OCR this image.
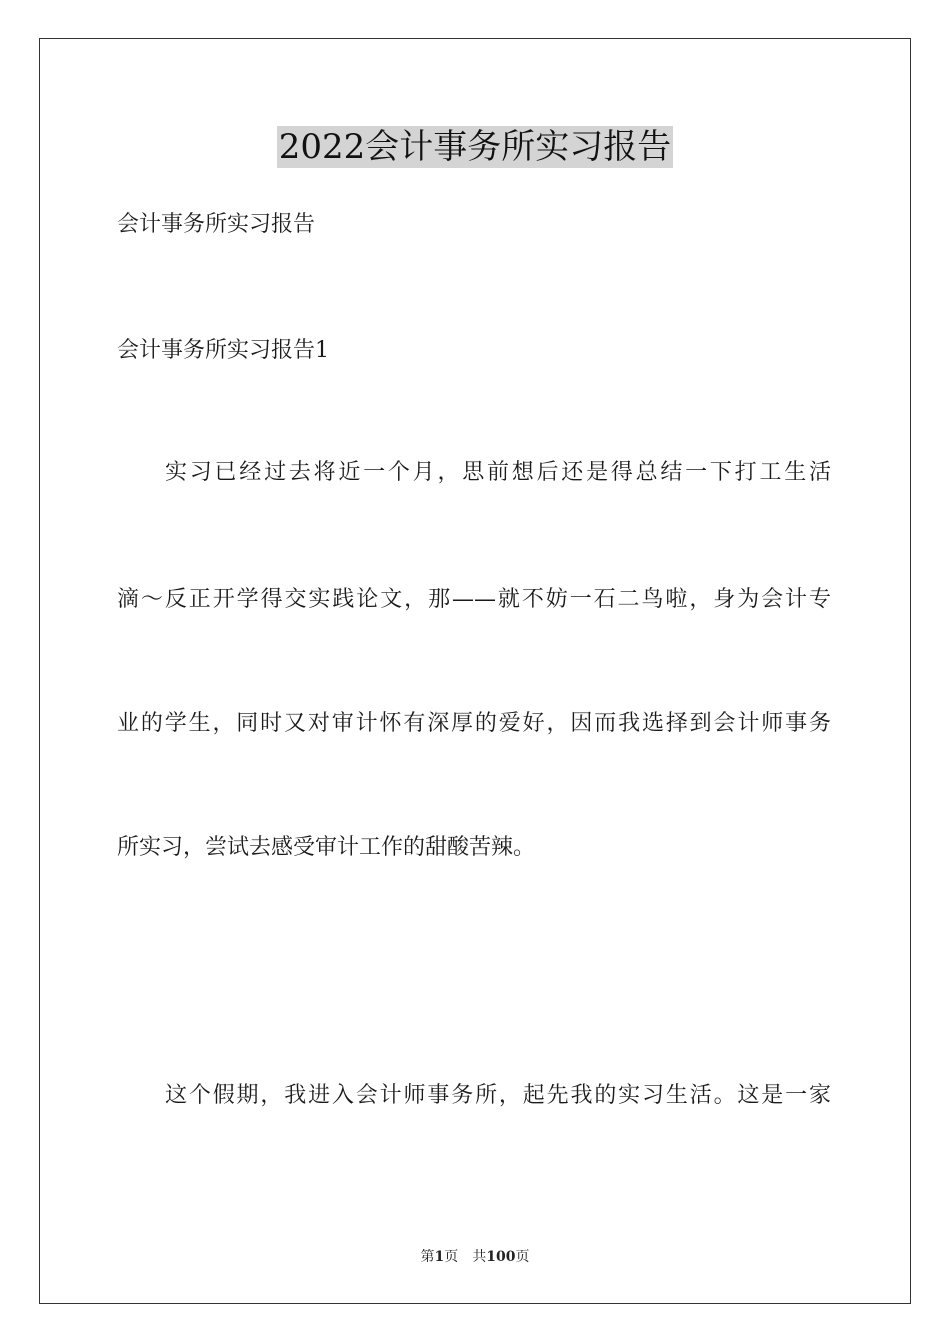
2022会计事务所实习报告
会计事务所实习报告
会计事务所实习报告1
实习已经过去将近一个月，思前想后还是得总结一下打工生活
滴～反正开学得交实践论文，那——就不妨一石二鸟啦，身为会计专
业的学生，同时又对审计怀有深厚的爱好，因而我选择到会计师事务
所实习，尝试去感受审计工作的甜酸苦辣。
这个假期，我进入会计师事务所，起先我的实习生活。这是一家
第1页 共100页
